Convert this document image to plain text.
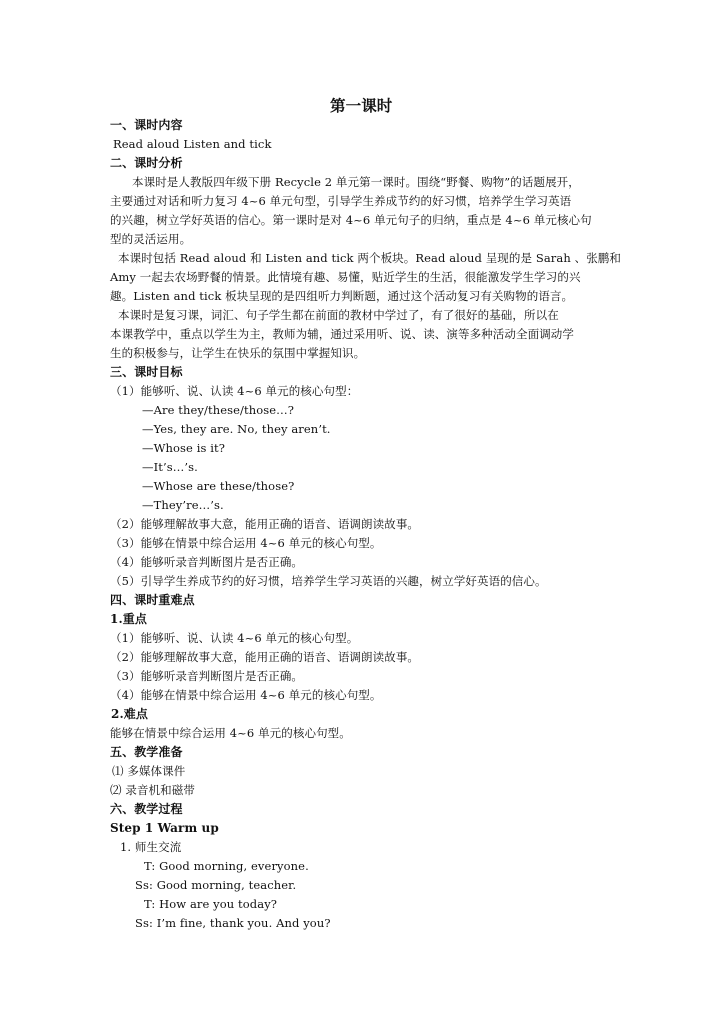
第一课时

一、课时内容

Read aloud Listen and tick

二、课时分析

本课时是人教版四年级下册 Recycle 2 单元第一课时。围绕“野餐、购物”的话题展开，

主要通过对话和听力复习 4~6 单元句型，引导学生养成节约的好习惯，培养学生学习英语

的兴趣，树立学好英语的信心。第一课时是对 4~6 单元句子的归纳，重点是 4~6 单元核心句

型的灵活运用。

本课时包括 Read aloud 和 Listen and tick 两个板块。Read aloud 呈现的是 Sarah 、张鹏和

Amy 一起去农场野餐的情景。此情境有趣、易懂，贴近学生的生活，很能激发学生学习的兴

趣。Listen and tick 板块呈现的是四组听力判断题，通过这个活动复习有关购物的语言。

本课时是复习课，词汇、句子学生都在前面的教材中学过了，有了很好的基础，所以在

本课教学中，重点以学生为主，教师为辅，通过采用听、说、读、演等多种活动全面调动学

生的积极参与，让学生在快乐的氛围中掌握知识。

三、课时目标

（1）能够听、说、认读 4~6 单元的核心句型：

—Are they/these/those…?

—Yes, they are. No, they aren’t.

—Whose is it?

—It’s…’s.

—Whose are these/those?

—They’re…’s.

（2）能够理解故事大意，能用正确的语音、语调朗读故事。

（3）能够在情景中综合运用 4~6 单元的核心句型。

（4）能够听录音判断图片是否正确。

（5）引导学生养成节约的好习惯，培养学生学习英语的兴趣，树立学好英语的信心。

四、课时重难点

1.重点

（1）能够听、说、认读 4~6 单元的核心句型。

（2）能够理解故事大意，能用正确的语音、语调朗读故事。

（3）能够听录音判断图片是否正确。

（4）能够在情景中综合运用 4~6 单元的核心句型。

2.难点

能够在情景中综合运用 4~6 单元的核心句型。

五、教学准备

⑴ 多媒体课件

⑵ 录音机和磁带

六、教学过程

Step 1 Warm up

1. 师生交流

T: Good morning, everyone.

Ss: Good morning, teacher.

T: How are you today?

Ss: I’m fine, thank you. And you?
